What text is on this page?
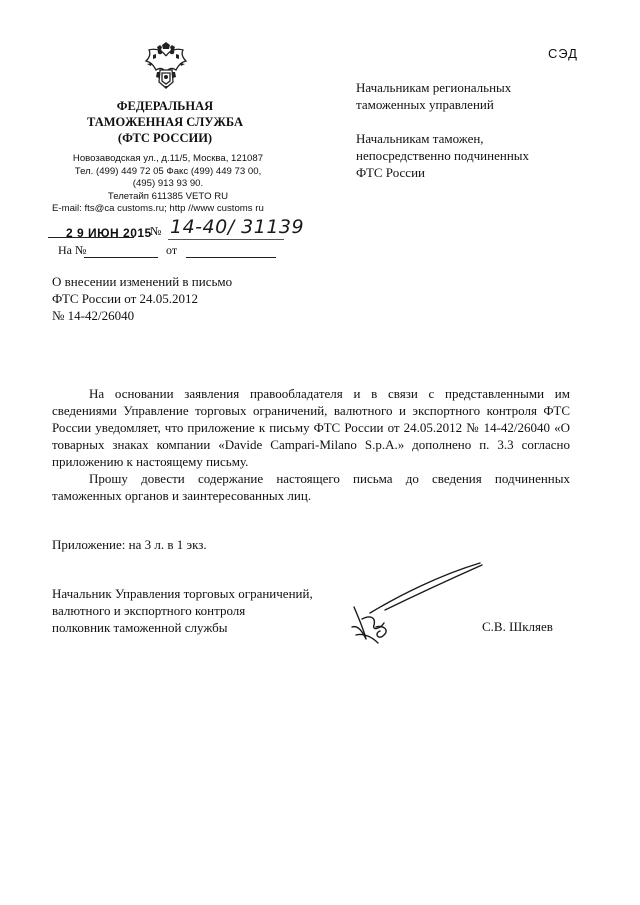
СЭД
ФЕДЕРАЛЬНАЯ
ТАМОЖЕННАЯ СЛУЖБА
(ФТС РОССИИ)
Новозаводская ул., д.11/5, Москва, 121087
Тел. (499) 449 72 05 Факс (499) 449 73 00,
(495) 913 93 90.
Телетайп 611385 VETO RU
E-mail: fts@ca customs.ru; http //www customs ru
Начальникам региональных
таможенных управлений
Начальникам таможен,
непосредственно подчиненных
ФТС России
2 9 ИЮН 2015
№ 14-40/ 31139
На №	от
О внесении изменений в письмо
ФТС России от 24.05.2012
№ 14-42/26040

На основании заявления правообладателя и в связи с представленными им сведениями Управление торговых ограничений, валютного и экспортного контроля ФТС России уведомляет, что приложение к письму ФТС России от 24.05.2012 № 14-42/26040 «О товарных знаках компании «Davide Campari-Milano S.p.A.» дополнено п. 3.3 согласно приложению к настоящему письму.

Прошу довести содержание настоящего письма до сведения подчиненных таможенных органов и заинтересованных лиц.

Приложение: на 3 л. в 1 экз.
Начальник Управления торговых ограничений,
валютного и экспортного контроля
полковник таможенной службы	С.В. Шкляев
